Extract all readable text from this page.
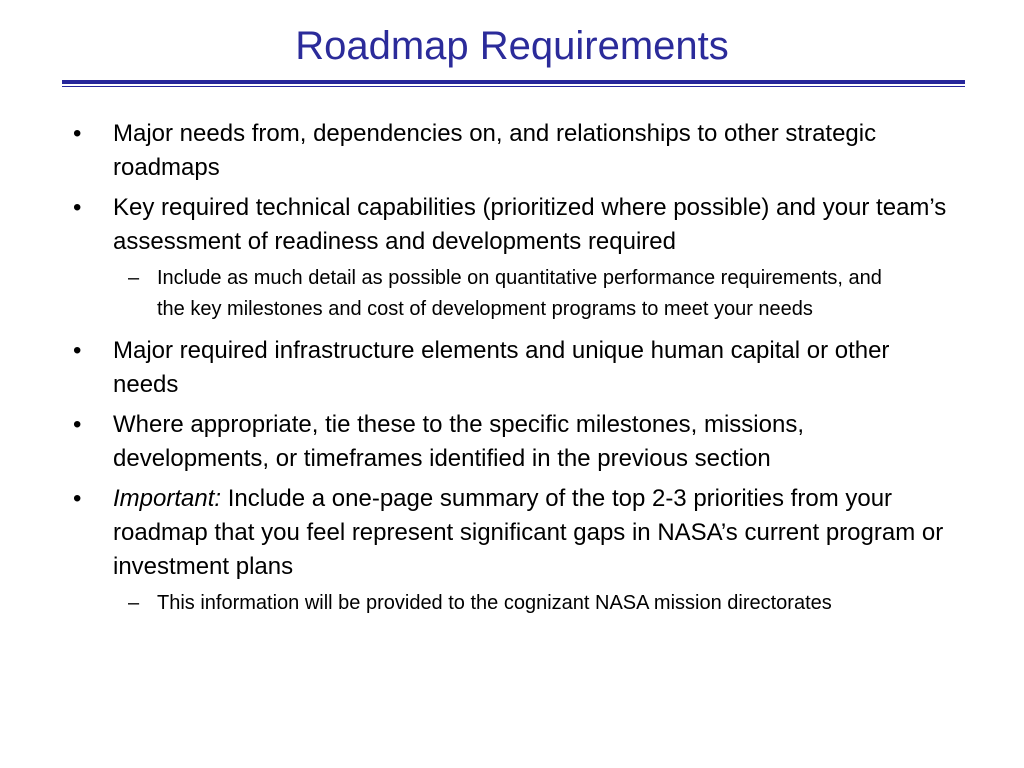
Roadmap Requirements
• Major needs from, dependencies on, and relationships to other strategic roadmaps
• Key required technical capabilities (prioritized where possible) and your team’s assessment of readiness and developments required
– Include as much detail as possible on quantitative performance requirements, and the key milestones and cost of development programs to meet your needs
• Major required infrastructure elements and unique human capital or other needs
• Where appropriate, tie these to the specific milestones, missions, developments, or timeframes identified in the previous section
• Important: Include a one-page summary of the top 2-3 priorities from your roadmap that you feel represent significant gaps in NASA’s current program or investment plans
– This information will be provided to the cognizant NASA mission directorates
